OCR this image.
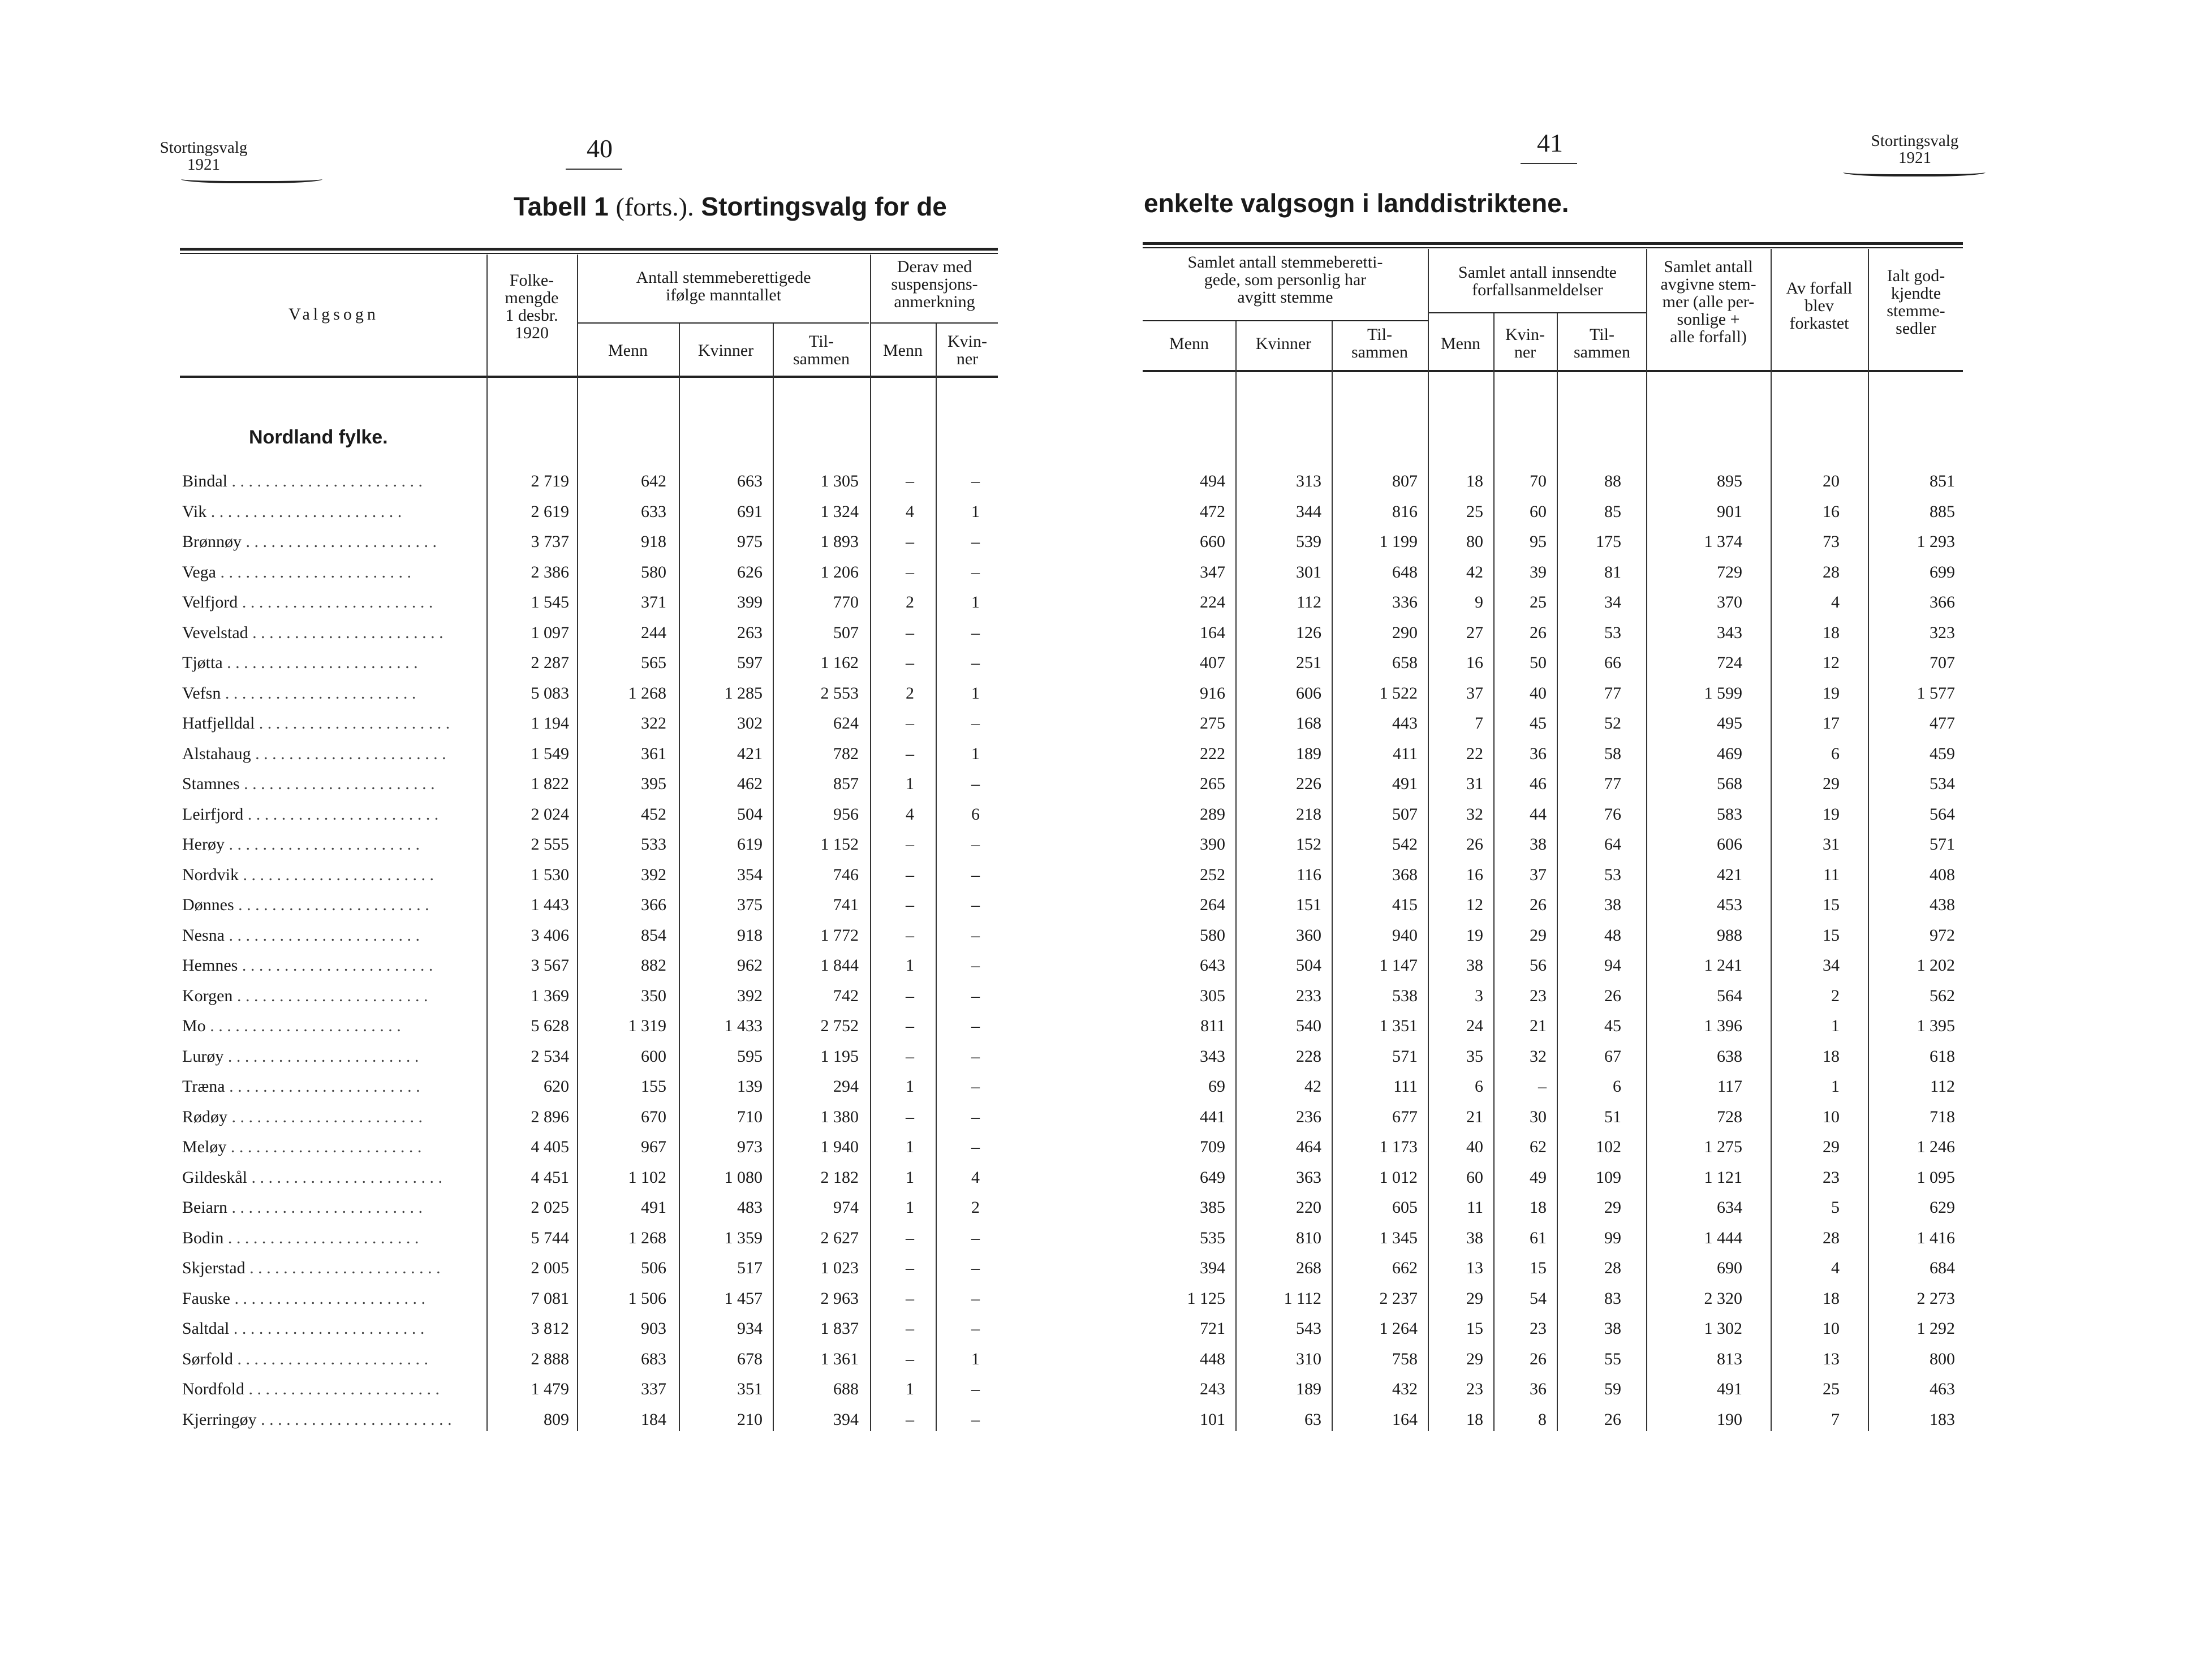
Stortingsvalg
1921
40
Tabell 1 (forts.). Stortingsvalg for de
Valgsogn
Folke-
mengde
1 desbr.
1920
Antall stemmeberettigede
ifølge manntallet
Menn	Kvinner	Til-
sammen
Derav med
suspensjons-
anmerkning
Menn	Kvin-
ner
Nordland fylke.
Stortingsvalg
1921
41
enkelte valgsogn i landdistriktene.
Samlet antall stemmeberetti-
gede, som personlig har
avgitt stemme
Menn	Kvinner	Til-
sammen
Samlet antall innsendte
forfallsanmeldelser
Menn	Kvin-
ner
Til-
sammen
Samlet antall
avgivne stem-
mer (alle per-
sonlige +
alle forfall)
Av forfall
blev
forkastet
Ialt god-
kjendte
stemme-
sedler
Bindal . . . . . . . . . . . . . . . . . . . . . . .	2 719	642	663	1 305	–	–	494	313	807	18	70	88	895	20	851
Vik . . . . . . . . . . . . . . . . . . . . . . .	2 619	633	691	1 324	4	1	472	344	816	25	60	85	901	16	885
Brønnøy . . . . . . . . . . . . . . . . . . . . . . .	3 737	918	975	1 893	–	–	660	539	1 199	80	95	175	1 374	73	1 293
Vega . . . . . . . . . . . . . . . . . . . . . . .	2 386	580	626	1 206	–	–	347	301	648	42	39	81	729	28	699
Velfjord . . . . . . . . . . . . . . . . . . . . . . .	1 545	371	399	770	2	1	224	112	336	9	25	34	370	4	366
Vevelstad . . . . . . . . . . . . . . . . . . . . . . .	1 097	244	263	507	–	–	164	126	290	27	26	53	343	18	323
Tjøtta . . . . . . . . . . . . . . . . . . . . . . .	2 287	565	597	1 162	–	–	407	251	658	16	50	66	724	12	707
Vefsn . . . . . . . . . . . . . . . . . . . . . . .	5 083	1 268	1 285	2 553	2	1	916	606	1 522	37	40	77	1 599	19	1 577
Hatfjelldal . . . . . . . . . . . . . . . . . . . . . . .	1 194	322	302	624	–	–	275	168	443	7	45	52	495	17	477
Alstahaug . . . . . . . . . . . . . . . . . . . . . . .	1 549	361	421	782	–	1	222	189	411	22	36	58	469	6	459
Stamnes . . . . . . . . . . . . . . . . . . . . . . .	1 822	395	462	857	1	–	265	226	491	31	46	77	568	29	534
Leirfjord . . . . . . . . . . . . . . . . . . . . . . .	2 024	452	504	956	4	6	289	218	507	32	44	76	583	19	564
Herøy . . . . . . . . . . . . . . . . . . . . . . .	2 555	533	619	1 152	–	–	390	152	542	26	38	64	606	31	571
Nordvik . . . . . . . . . . . . . . . . . . . . . . .	1 530	392	354	746	–	–	252	116	368	16	37	53	421	11	408
Dønnes . . . . . . . . . . . . . . . . . . . . . . .	1 443	366	375	741	–	–	264	151	415	12	26	38	453	15	438
Nesna . . . . . . . . . . . . . . . . . . . . . . .	3 406	854	918	1 772	–	–	580	360	940	19	29	48	988	15	972
Hemnes . . . . . . . . . . . . . . . . . . . . . . .	3 567	882	962	1 844	1	–	643	504	1 147	38	56	94	1 241	34	1 202
Korgen . . . . . . . . . . . . . . . . . . . . . . .	1 369	350	392	742	–	–	305	233	538	3	23	26	564	2	562
Mo . . . . . . . . . . . . . . . . . . . . . . .	5 628	1 319	1 433	2 752	–	–	811	540	1 351	24	21	45	1 396	1	1 395
Lurøy . . . . . . . . . . . . . . . . . . . . . . .	2 534	600	595	1 195	–	–	343	228	571	35	32	67	638	18	618
Træna . . . . . . . . . . . . . . . . . . . . . . .	620	155	139	294	1	–	69	42	111	6	–	6	117	1	112
Rødøy . . . . . . . . . . . . . . . . . . . . . . .	2 896	670	710	1 380	–	–	441	236	677	21	30	51	728	10	718
Meløy . . . . . . . . . . . . . . . . . . . . . . .	4 405	967	973	1 940	1	–	709	464	1 173	40	62	102	1 275	29	1 246
Gildeskål . . . . . . . . . . . . . . . . . . . . . . .	4 451	1 102	1 080	2 182	1	4	649	363	1 012	60	49	109	1 121	23	1 095
Beiarn . . . . . . . . . . . . . . . . . . . . . . .	2 025	491	483	974	1	2	385	220	605	11	18	29	634	5	629
Bodin . . . . . . . . . . . . . . . . . . . . . . .	5 744	1 268	1 359	2 627	–	–	535	810	1 345	38	61	99	1 444	28	1 416
Skjerstad . . . . . . . . . . . . . . . . . . . . . . .	2 005	506	517	1 023	–	–	394	268	662	13	15	28	690	4	684
Fauske . . . . . . . . . . . . . . . . . . . . . . .	7 081	1 506	1 457	2 963	–	–	1 125	1 112	2 237	29	54	83	2 320	18	2 273
Saltdal . . . . . . . . . . . . . . . . . . . . . . .	3 812	903	934	1 837	–	–	721	543	1 264	15	23	38	1 302	10	1 292
Sørfold . . . . . . . . . . . . . . . . . . . . . . .	2 888	683	678	1 361	–	1	448	310	758	29	26	55	813	13	800
Nordfold . . . . . . . . . . . . . . . . . . . . . . .	1 479	337	351	688	1	–	243	189	432	23	36	59	491	25	463
Kjerringøy . . . . . . . . . . . . . . . . . . . . . . .	809	184	210	394	–	–	101	63	164	18	8	26	190	7	183
